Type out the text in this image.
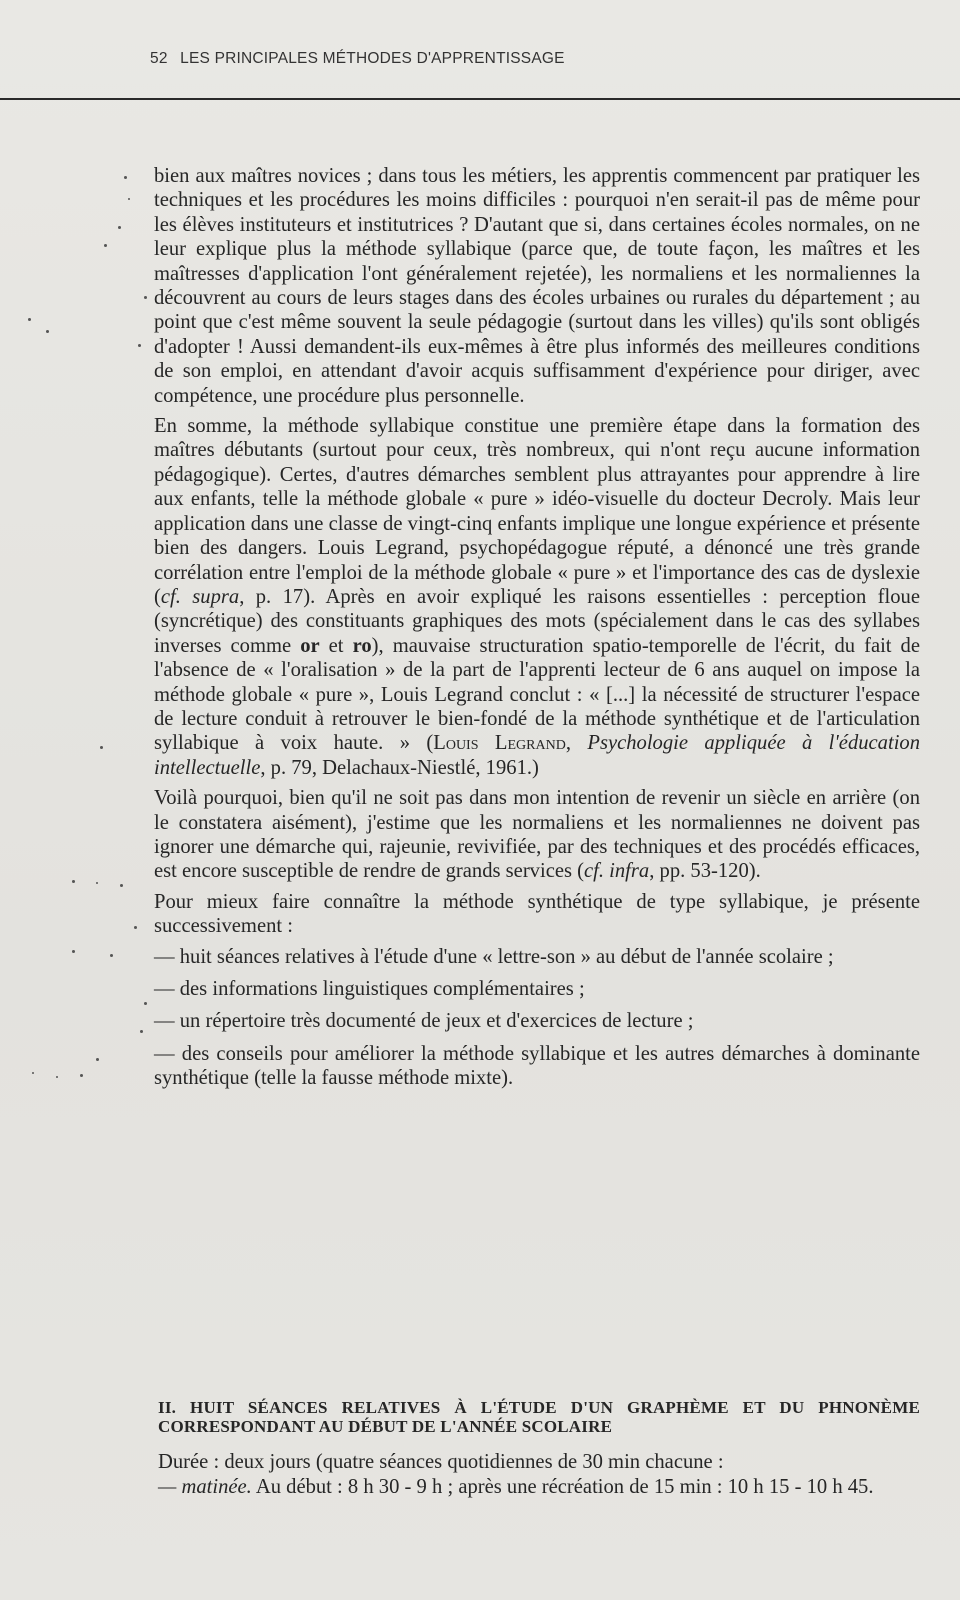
52 LES PRINCIPALES MÉTHODES D'APPRENTISSAGE

bien aux maîtres novices ; dans tous les métiers, les apprentis commencent par pratiquer les techniques et les procédures les moins difficiles : pourquoi n'en serait-il pas de même pour les élèves instituteurs et institutrices ? D'autant que si, dans certaines écoles normales, on ne leur explique plus la méthode syllabique (parce que, de toute façon, les maîtres et les maîtresses d'application l'ont généralement rejetée), les normaliens et les normaliennes la découvrent au cours de leurs stages dans des écoles urbaines ou rurales du département ; au point que c'est même souvent la seule pédagogie (surtout dans les villes) qu'ils sont obligés d'adopter ! Aussi demandent-ils eux-mêmes à être plus informés des meilleures conditions de son emploi, en attendant d'avoir acquis suffisamment d'expérience pour diriger, avec compétence, une procédure plus personnelle.

En somme, la méthode syllabique constitue une première étape dans la formation des maîtres débutants (surtout pour ceux, très nombreux, qui n'ont reçu aucune information pédagogique). Certes, d'autres démarches semblent plus attrayantes pour apprendre à lire aux enfants, telle la méthode globale « pure » idéo-visuelle du docteur Decroly. Mais leur application dans une classe de vingt-cinq enfants implique une longue expérience et présente bien des dangers. Louis Legrand, psychopédagogue réputé, a dénoncé une très grande corrélation entre l'emploi de la méthode globale « pure » et l'importance des cas de dyslexie (cf. supra, p. 17). Après en avoir expliqué les raisons essentielles : perception floue (syncrétique) des constituants graphiques des mots (spécialement dans le cas des syllabes inverses comme or et ro), mauvaise structuration spatio-temporelle de l'écrit, du fait de l'absence de « l'oralisation » de la part de l'apprenti lecteur de 6 ans auquel on impose la méthode globale « pure », Louis Legrand conclut : « [...] la nécessité de structurer l'espace de lecture conduit à retrouver le bien-fondé de la méthode synthétique et de l'articulation syllabique à voix haute. » (Louis Legrand, Psychologie appliquée à l'éducation intellectuelle, p. 79, Delachaux-Niestlé, 1961.)

Voilà pourquoi, bien qu'il ne soit pas dans mon intention de revenir un siècle en arrière (on le constatera aisément), j'estime que les normaliens et les normaliennes ne doivent pas ignorer une démarche qui, rajeunie, revivifiée, par des techniques et des procédés efficaces, est encore susceptible de rendre de grands services (cf. infra, pp. 53-120).

Pour mieux faire connaître la méthode synthétique de type syllabique, je présente successivement :

— huit séances relatives à l'étude d'une « lettre-son » au début de l'année scolaire ;

— des informations linguistiques complémentaires ;

— un répertoire très documenté de jeux et d'exercices de lecture ;

— des conseils pour améliorer la méthode syllabique et les autres démarches à dominante synthétique (telle la fausse méthode mixte).

II. HUIT SÉANCES RELATIVES À L'ÉTUDE D'UN GRAPHÈME ET DU PHNONÈME CORRESPONDANT AU DÉBUT DE L'ANNÉE SCOLAIRE

Durée : deux jours (quatre séances quotidiennes de 30 min chacune :

— matinée. Au début : 8 h 30 - 9 h ; après une récréation de 15 min : 10 h 15 - 10 h 45.
